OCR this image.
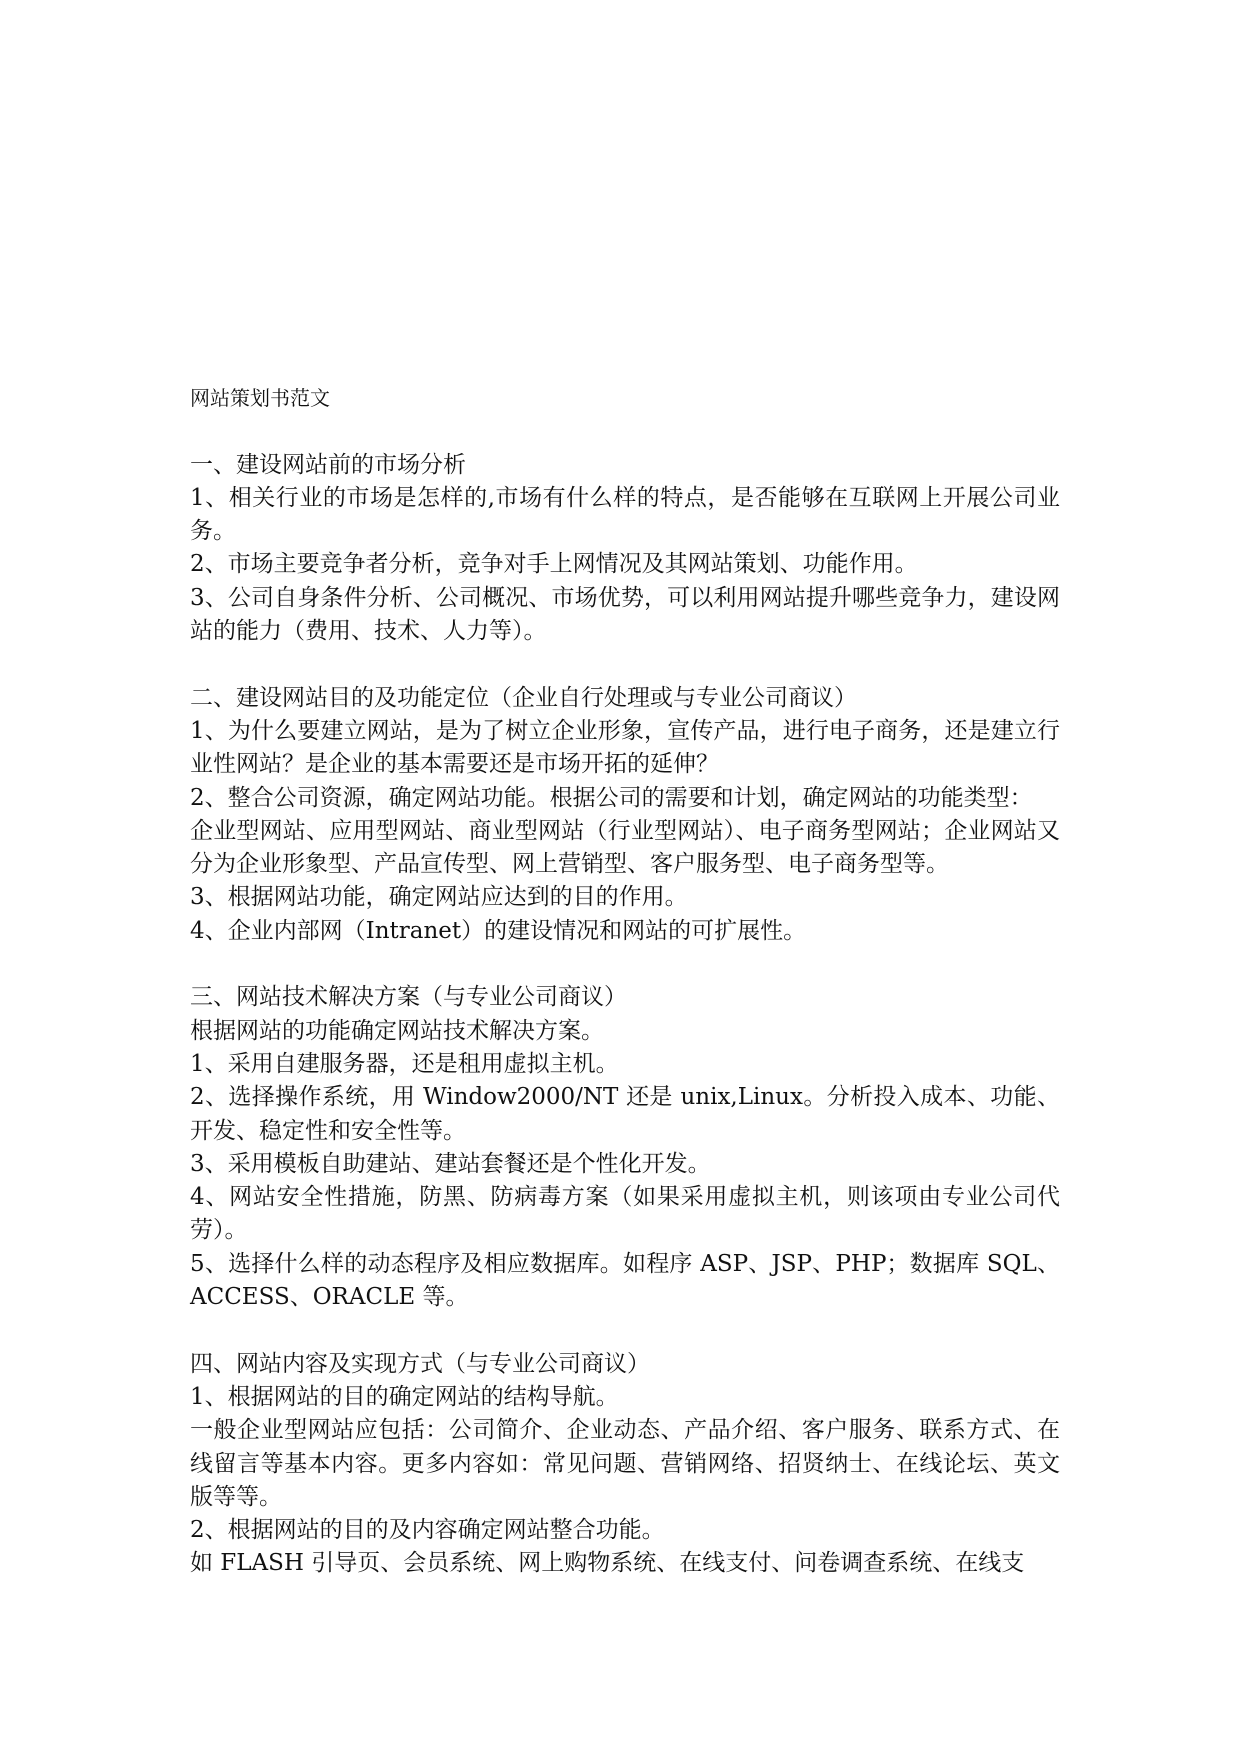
网站策划书范文

一、建设网站前的市场分析

1、相关行业的市场是怎样的,市场有什么样的特点，是否能够在互联网上开展公司业务。

2、市场主要竞争者分析，竞争对手上网情况及其网站策划、功能作用。

3、公司自身条件分析、公司概况、市场优势，可以利用网站提升哪些竞争力，建设网站的能力（费用、技术、人力等）。

二、建设网站目的及功能定位（企业自行处理或与专业公司商议）

1、为什么要建立网站，是为了树立企业形象，宣传产品，进行电子商务，还是建立行业性网站？是企业的基本需要还是市场开拓的延伸？

2、整合公司资源，确定网站功能。根据公司的需要和计划，确定网站的功能类型：

企业型网站、应用型网站、商业型网站（行业型网站）、电子商务型网站；企业网站又分为企业形象型、产品宣传型、网上营销型、客户服务型、电子商务型等。

3、根据网站功能，确定网站应达到的目的作用。

4、企业内部网（Intranet）的建设情况和网站的可扩展性。

三、网站技术解决方案（与专业公司商议）

根据网站的功能确定网站技术解决方案。

1、采用自建服务器，还是租用虚拟主机。

2、选择操作系统，用 Window2000/NT 还是 unix,Linux。分析投入成本、功能、开发、稳定性和安全性等。

3、采用模板自助建站、建站套餐还是个性化开发。

4、网站安全性措施，防黑、防病毒方案（如果采用虚拟主机，则该项由专业公司代劳）。

5、选择什么样的动态程序及相应数据库。如程序 ASP、JSP、PHP；数据库 SQL、ACCESS、ORACLE 等。

四、网站内容及实现方式（与专业公司商议）

1、根据网站的目的确定网站的结构导航。

一般企业型网站应包括：公司简介、企业动态、产品介绍、客户服务、联系方式、在线留言等基本内容。更多内容如：常见问题、营销网络、招贤纳士、在线论坛、英文版等等。

2、根据网站的目的及内容确定网站整合功能。

如 FLASH 引导页、会员系统、网上购物系统、在线支付、问卷调查系统、在线支
